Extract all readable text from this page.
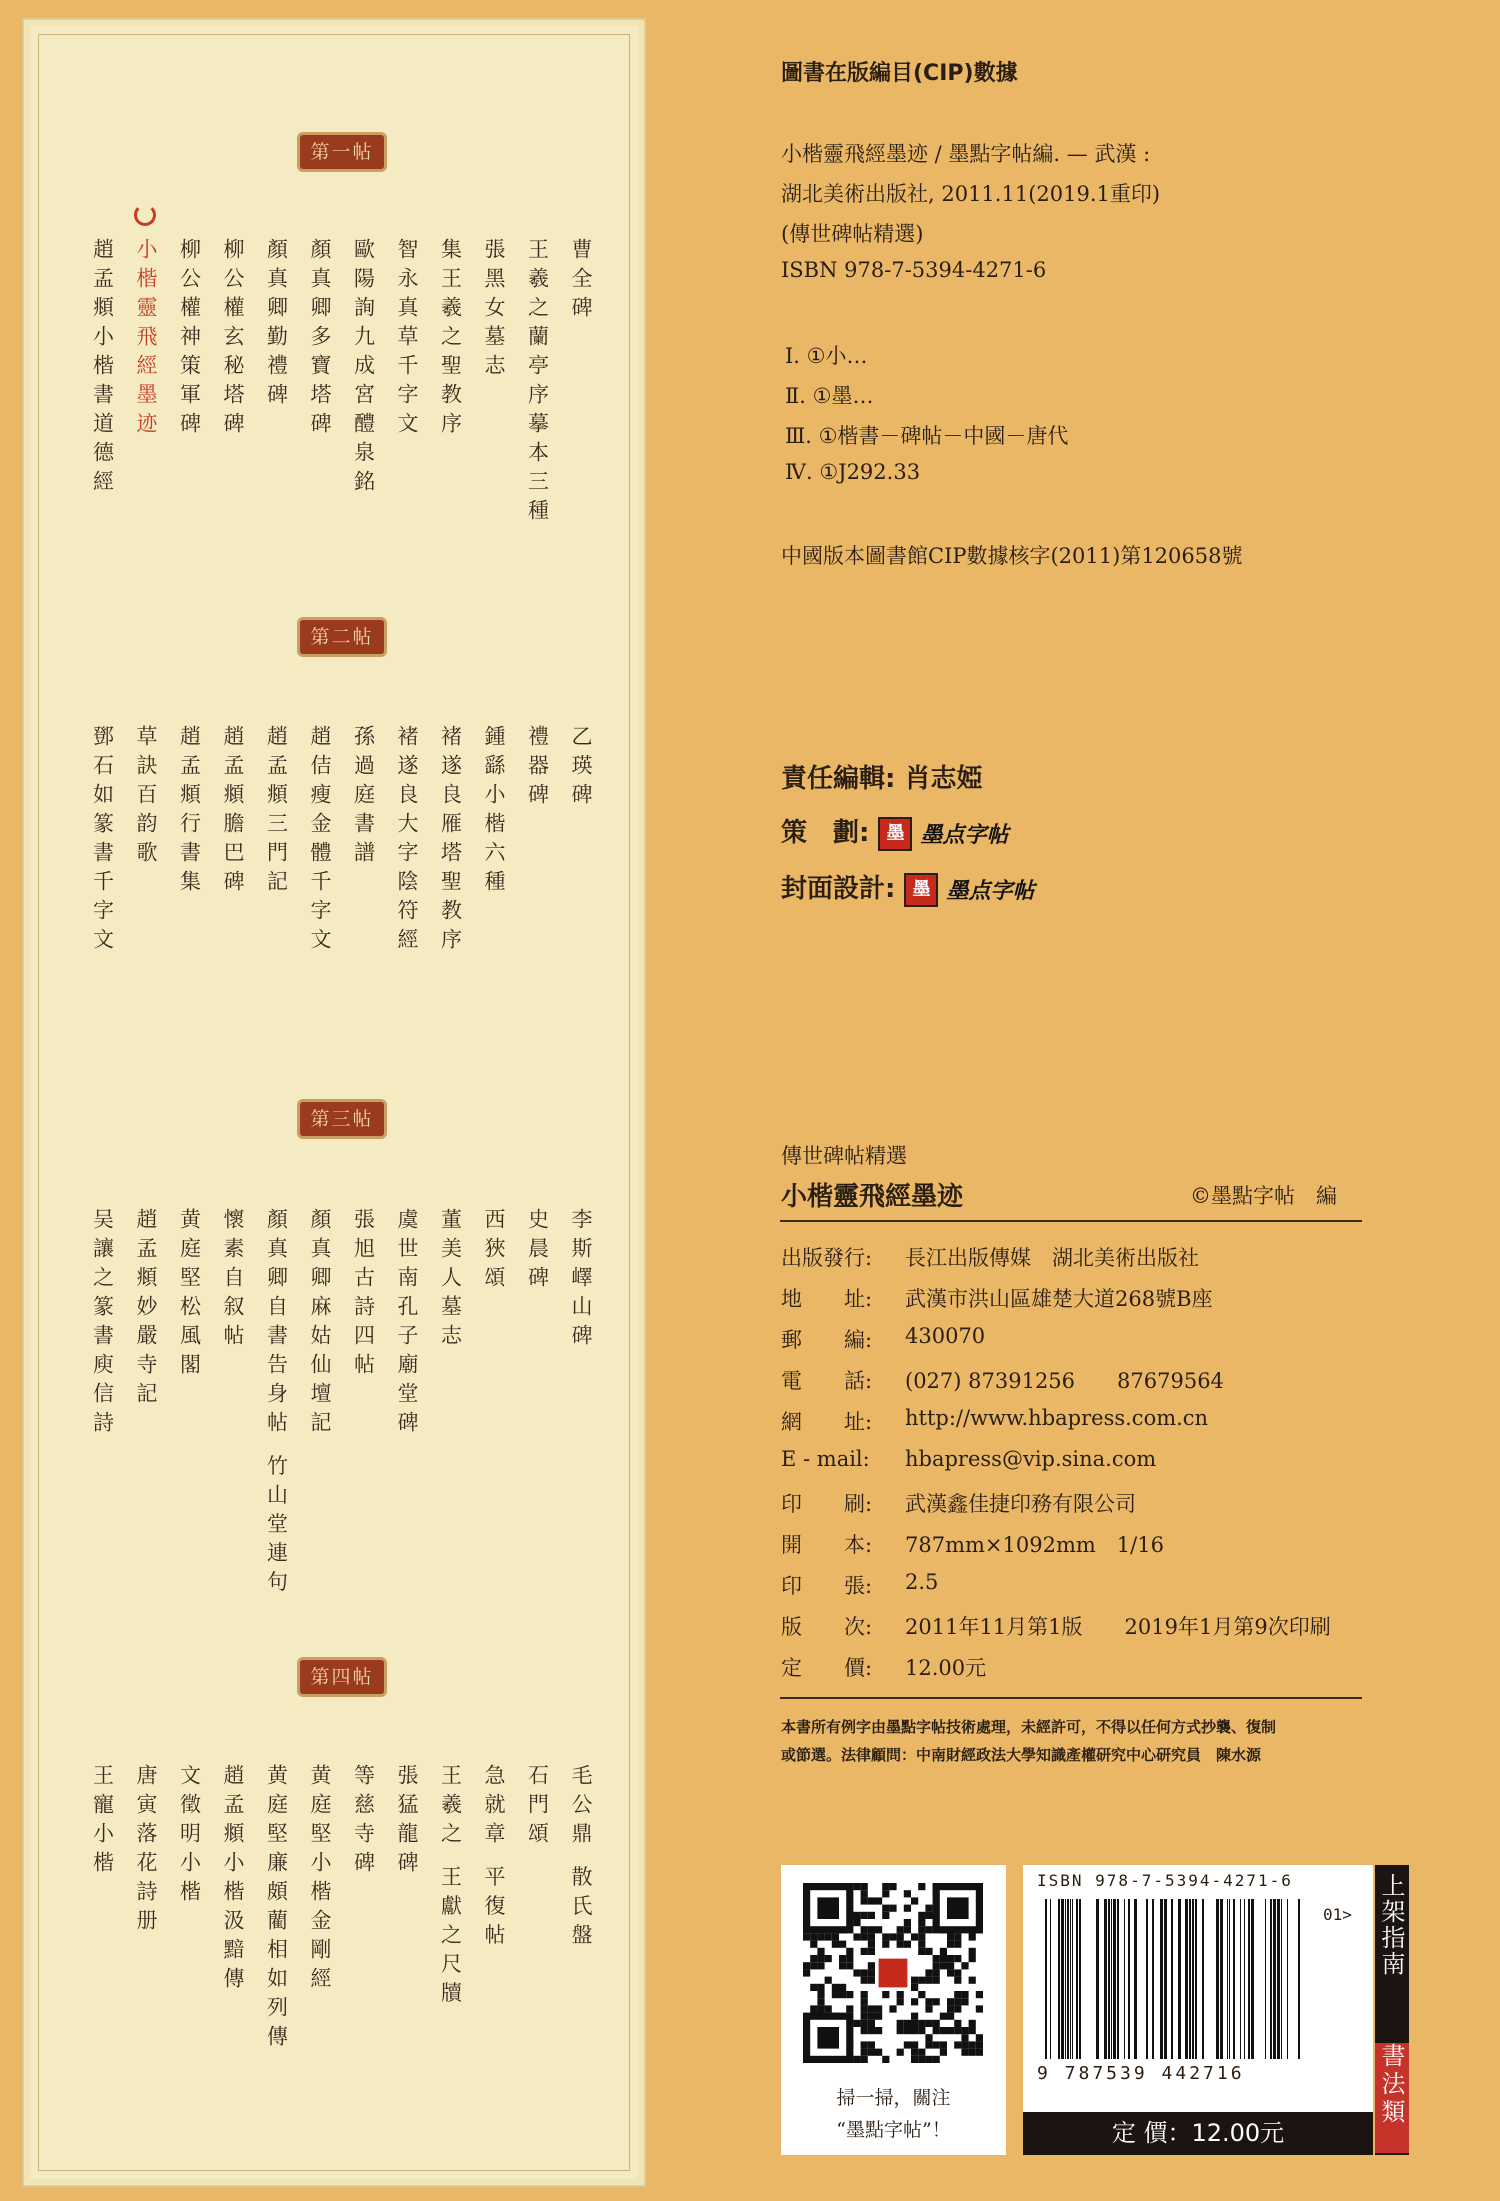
第一帖
曹全碑
王羲之蘭亭序摹本三種
張黑女墓志
集王羲之聖教序
智永真草千字文
歐陽詢九成宮醴泉銘
顏真卿多寶塔碑
顏真卿勤禮碑
柳公權玄秘塔碑
柳公權神策軍碑
小楷靈飛經墨迹
趙孟頫小楷書道德經
第二帖
乙瑛碑
禮器碑
鍾繇小楷六種
褚遂良雁塔聖教序
褚遂良大字陰符經
孫過庭書譜
趙佶瘦金體千字文
趙孟頫三門記
趙孟頫膽巴碑
趙孟頫行書集
草訣百韵歌
鄧石如篆書千字文
第三帖
李斯嶧山碑
史晨碑
西狹頌
董美人墓志
虞世南孔子廟堂碑
張旭古詩四帖
顏真卿麻姑仙壇記
顏真卿自書告身帖 竹山堂連句
懷素自叙帖
黄庭堅松風閣
趙孟頫妙嚴寺記
吴讓之篆書庾信詩
第四帖
毛公鼎 散氏盤
石門頌
急就章 平復帖
王羲之 王獻之尺牘
張猛龍碑
等慈寺碑
黄庭堅小楷金剛經
黄庭堅廉頗藺相如列傳
趙孟頫小楷汲黯傳
文徵明小楷
唐寅落花詩册
王寵小楷
圖書在版編目(CIP)數據
小楷靈飛經墨迹 / 墨點字帖編. — 武漢 :
湖北美術出版社, 2011.11(2019.1重印)
(傳世碑帖精選)
ISBN 978-7-5394-4271-6
Ⅰ. ①小…
Ⅱ. ①墨…
Ⅲ. ①楷書－碑帖－中國－唐代
Ⅳ. ①J292.33
中國版本圖書館CIP數據核字(2011)第120658號
責任編輯: 肖志婭
策　劃: 墨 墨点字帖
封面設計: 墨 墨点字帖
傳世碑帖精選
小楷靈飛經墨迹	©墨點字帖　編
出版發行: 長江出版傳媒　湖北美術出版社
地　　址: 武漢市洪山區雄楚大道268號B座
郵　　編: 430070
電　　話: (027) 87391256　　87679564
網　　址: http://www.hbapress.com.cn
E - mail: hbapress@vip.sina.com
印　　刷: 武漢鑫佳捷印務有限公司
開　　本: 787mm×1092mm　1/16
印　　張: 2.5
版　　次: 2011年11月第1版　　2019年1月第9次印刷
定　　價: 12.00元
本書所有例字由墨點字帖技術處理，未經許可，不得以任何方式抄襲、復制
或節選。法律顧問：中南財經政法大學知識產權研究中心研究員　陳水源
掃一掃，關注
“墨點字帖”！
ISBN 978-7-5394-4271-6
01>
9 787539 442716
定 價：12.00元
上架指南
書法類
